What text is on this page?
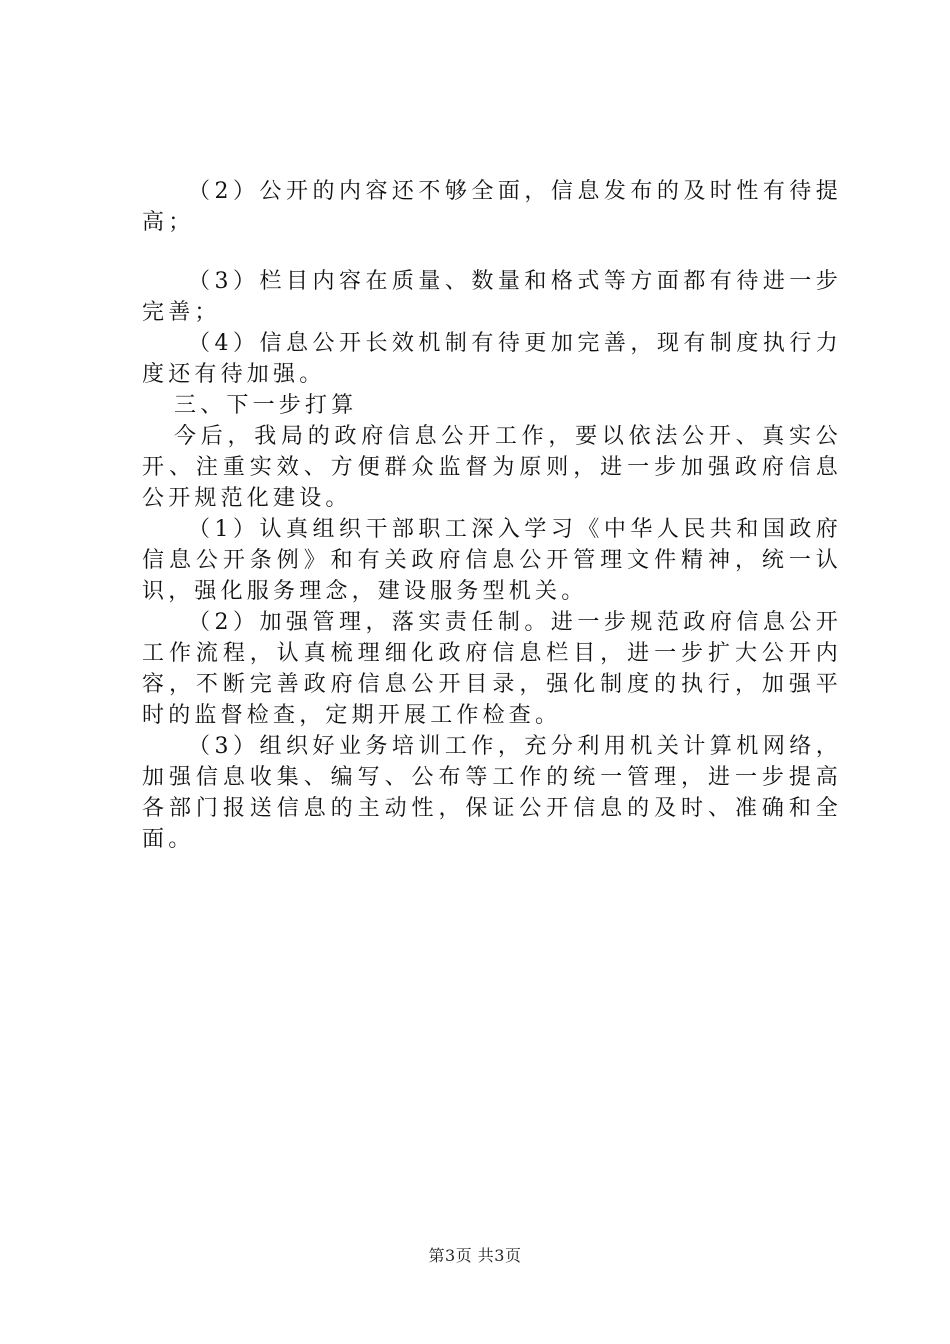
（2）公开的内容还不够全面，信息发布的及时性有待提高；

（3）栏目内容在质量、数量和格式等方面都有待进一步完善；

（4）信息公开长效机制有待更加完善，现有制度执行力度还有待加强。

三、下一步打算

今后，我局的政府信息公开工作，要以依法公开、真实公开、注重实效、方便群众监督为原则，进一步加强政府信息公开规范化建设。

（1）认真组织干部职工深入学习《中华人民共和国政府信息公开条例》和有关政府信息公开管理文件精神，统一认识，强化服务理念，建设服务型机关。

（2）加强管理，落实责任制。进一步规范政府信息公开工作流程，认真梳理细化政府信息栏目，进一步扩大公开内容，不断完善政府信息公开目录，强化制度的执行，加强平时的监督检查，定期开展工作检查。

（3）组织好业务培训工作，充分利用机关计算机网络，加强信息收集、编写、公布等工作的统一管理，进一步提高各部门报送信息的主动性，保证公开信息的及时、准确和全面。

第3页 共3页
